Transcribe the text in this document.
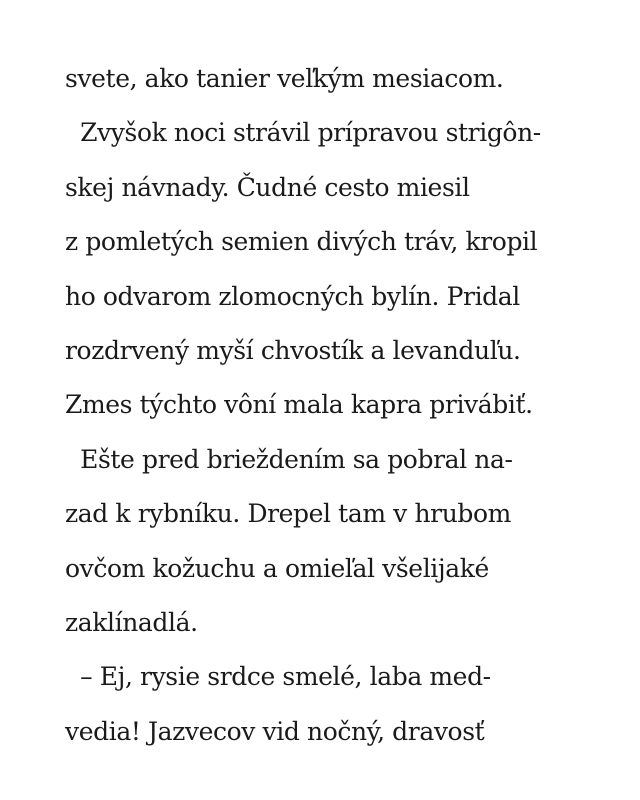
svete, ako tanier veľkým mesiacom.
Zvyšok noci strávil prípravou strigôn-
skej návnady. Čudné cesto miesil
z pomletých semien divých tráv, kropil
ho odvarom zlomocných bylín. Pridal
rozdrvený myší chvostík a levanduľu.
Zmes týchto vôní mala kapra privábiť.
Ešte pred brieždením sa pobral na-
zad k rybníku. Drepel tam v hrubom
ovčom kožuchu a omieľal všelijaké
zaklínadlá.
– Ej, rysie srdce smelé, laba med-
vedia! Jazvecov vid nočný, dravosť
